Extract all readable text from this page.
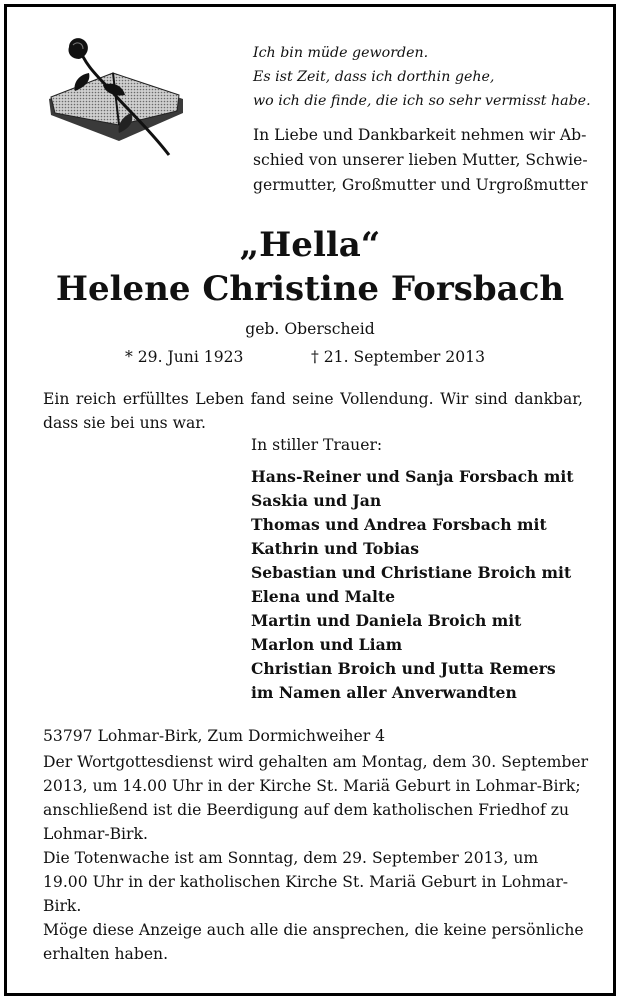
Ich bin müde geworden.
Es ist Zeit, dass ich dorthin gehe,
wo ich die finde, die ich so sehr vermisst habe.
In Liebe und Dankbarkeit nehmen wir Ab-
schied von unserer lieben Mutter, Schwie-
germutter, Großmutter und Urgroßmutter
„Hella“
Helene Christine Forsbach
geb. Oberscheid
* 29. Juni 1923	† 21. September 2013
Ein reich erfülltes Leben fand seine Vollendung. Wir sind dankbar, dass sie bei uns war.
In stiller Trauer:
Hans-Reiner und Sanja Forsbach mit
Saskia und Jan
Thomas und Andrea Forsbach mit
Kathrin und Tobias
Sebastian und Christiane Broich mit
Elena und Malte
Martin und Daniela Broich mit
Marlon und Liam
Christian Broich und Jutta Remers
im Namen aller Anverwandten
53797 Lohmar-Birk, Zum Dormichweiher 4
Der Wortgottesdienst wird gehalten am Montag, dem 30. September
2013, um 14.00 Uhr in der Kirche St. Mariä Geburt in Lohmar-Birk;
anschließend ist die Beerdigung auf dem katholischen Friedhof zu
Lohmar-Birk.
Die Totenwache ist am Sonntag, dem 29. September 2013, um
19.00 Uhr in der katholischen Kirche St. Mariä Geburt in Lohmar-
Birk.
Möge diese Anzeige auch alle die ansprechen, die keine persönliche
erhalten haben.
